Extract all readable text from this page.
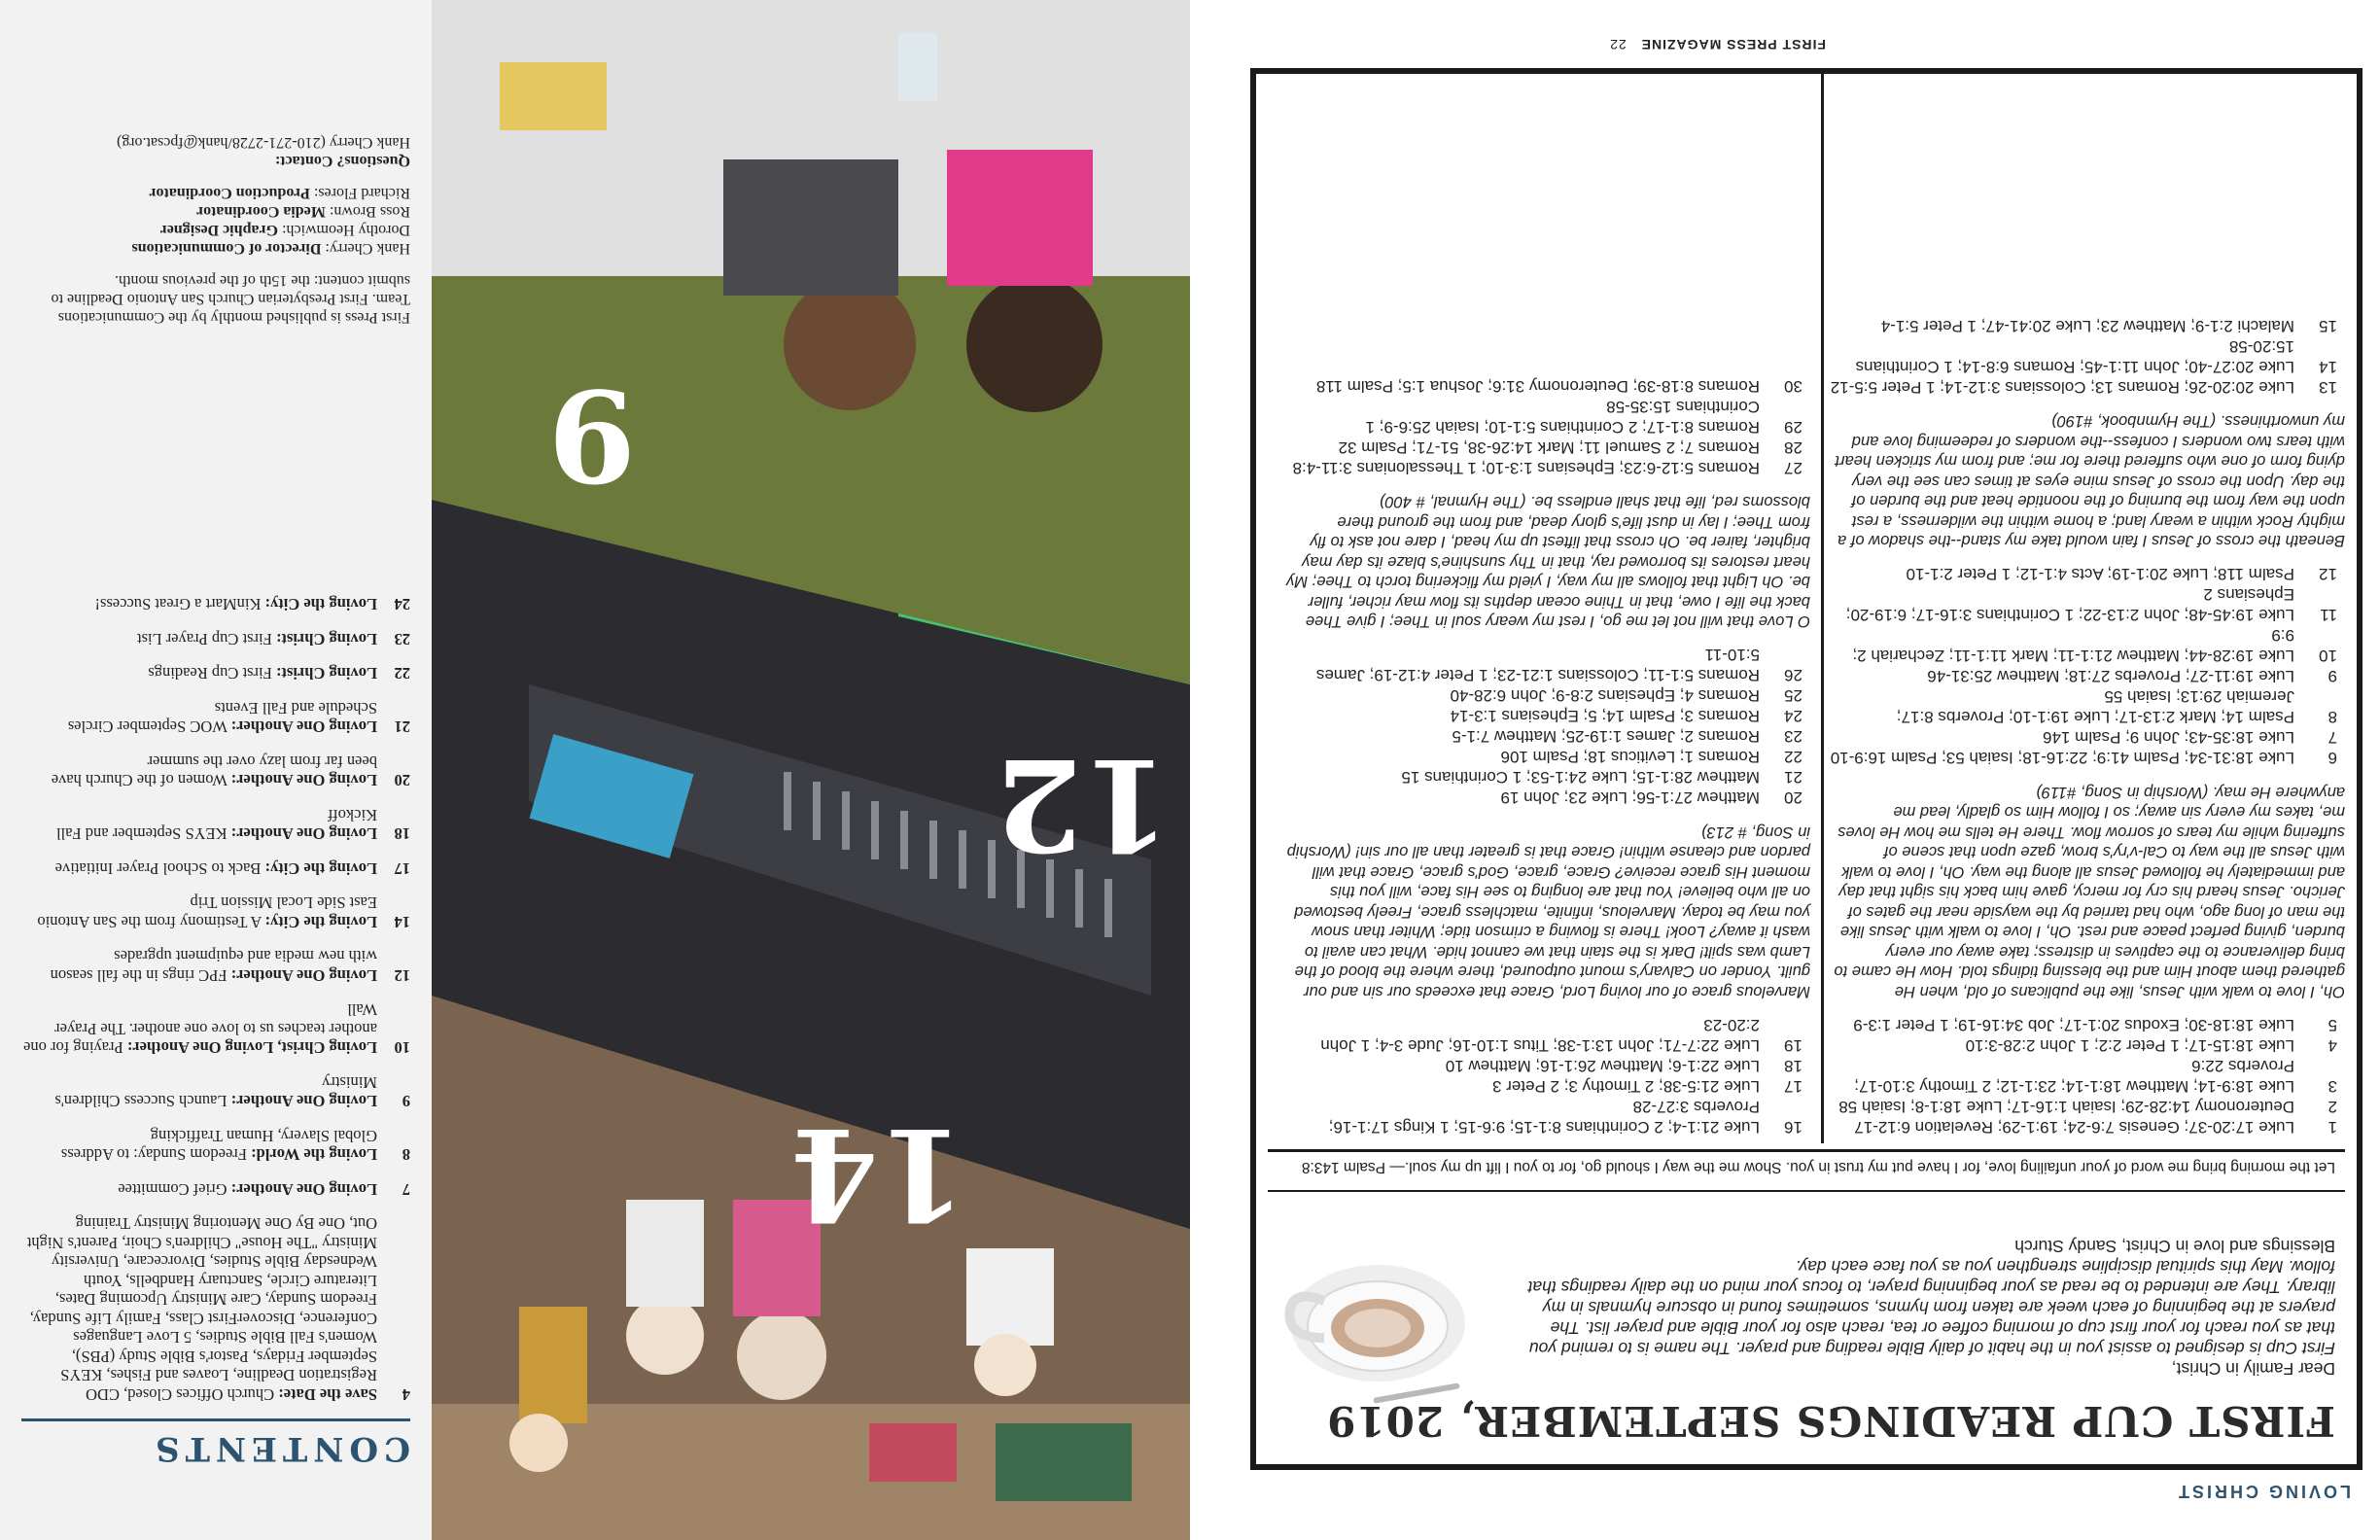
LOVING CHRIST
FIRST CUP READINGS SEPTEMBER, 2019

Dear Family in Christ,

First Cup is designed to assist you in the habit of daily Bible reading and prayer. The name is to remind you that as you reach for your first cup of morning coffee or tea, reach also for your Bible and prayer list. The prayers at the beginning of each week are taken from hymns, sometimes found in obscure hymnals in my library. They are intended to be read as your beginning prayer, to focus your mind on the daily readings that follow. May this spiritual discipline strengthen you as you face each day.

Blessings and love in Christ, Sandy Sturch

Let the morning bring me word of your unfailing love, for I have put my trust in you. Show me the way I should go, for to you I lift up my soul.— Psalm 143:8
1
Luke 17:20-37; Genesis 7:6-24; 19:1-29; Revelation 6:12-17
2
Deuteronomy 14:28-29; Isaiah 1:16-17; Luke 18:1-8; Isaiah 58
3
Luke 18:9-14; Matthew 18:1-14; 23:1-12; 2 Timothy 3:10-17; Proverbs 22:6
4
Luke 18:15-17; 1 Peter 2:2; 1 John 2:28-3:10
5
Luke 18:18-30; Exodus 20:1-17; Job 34:16-19; 1 Peter 1:3-9
Oh, I love to walk with Jesus, like the publicans of old, when He gathered them about Him and the blessing tidings told. How He came to bring deliverance to the captives in distress; take away our every burden, giving perfect peace and rest. Oh, I love to walk with Jesus like the man of long ago, who had tarried by the wayside near the gates of Jericho. Jesus heard his cry for mercy, gave him back his sight that day and immediately he followed Jesus all along the way. Oh, I love to walk with Jesus all the way to Cal-v'ry's brow, gaze upon that scene of suffering while my tears of sorrow flow. There He tells me how He loves me, takes my every sin away; so I follow Him so gladly, lead me anywhere He may. (Worship in Song, #119)
6
Luke 18:31-34; Psalm 41:9; 22:16-18; Isaiah 53; Psalm 16:9-10
7
Luke 18:35-43; John 9; Psalm 146
8
Psalm 14; Mark 2:13-17; Luke 19:1-10; Proverbs 8:17; Jeremiah 29:13; Isaiah 55
9
Luke 19:11-27; Proverbs 27:18; Matthew 25:31-46
10
Luke 19:28-44; Matthew 21:1-11; Mark 11:1-11; Zechariah 2; 9:9
11
Luke 19:45-48; John 2:13-22; 1 Corinthians 3:16-17; 6:19-20; Ephesians 2
12
Psalm 118; Luke 20:1-19; Acts 4:1-12; 1 Peter 2:1-10
Beneath the cross of Jesus I fain would take my stand--the shadow of a mighty Rock within a weary land; a home within the wilderness, a rest upon the way from the burning of the noontide heat and the burden of the day. Upon the cross of Jesus mine eyes at times can see the very dying form of one who suffered there for me; and from my stricken heart with tears two wonders I confess--the wonders of redeeming love and my unworthiness. (The Hymnbook, #190)
13
Luke 20:20-26; Romans 13; Colossians 3:12-14; 1 Peter 5:5-12
14
Luke 20:27-40; John 11:1-45; Romans 6:8-14; 1 Corinthians 15:20-58
15
Malachi 2:1-9; Matthew 23; Luke 20:41-47; 1 Peter 5:1-4
16
Luke 21:1-4; 2 Corinthians 8:1-15; 9:6-15; 1 Kings 17:1-16; Proverbs 3:27-28
17
Luke 21:5-38; 2 Timothy 3; 2 Peter 3
18
Luke 22:1-6; Matthew 26:1-16; Matthew 10
19
Luke 22:7-71; John 13:1-38; Titus 1:10-16; Jude 3-4; 1 John 2:20-23
Marvelous grace of our loving Lord, Grace that exceeds our sin and our guilt. Yonder on Calvary's mount outpoured, there where the blood of the Lamb was spilt! Dark is the stain that we cannot hide. What can avail to wash it away? Look! There is flowing a crimson tide; Whiter than snow you may be today. Marvelous, infinite, matchless grace, Freely bestowed on all who believe! You that are longing to see His face, will you this moment His grace receive? Grace, grace, God's grace, Grace that will pardon and cleanse within! Grace that is greater than all our sin! (Worship in Song, # 213)
20
Matthew 27:1-56; Luke 23; John 19
21
Matthew 28:1-15; Luke 24:1-53; 1 Corinthians 15
22
Romans 1; Leviticus 18; Psalm 106
23
Romans 2; James 1:19-25; Matthew 7:1-5
24
Romans 3; Psalm 14; 5; Ephesians 1:3-14
25
Romans 4; Ephesians 2:8-9; John 6:28-40
26
Romans 5:1-11; Colossians 1:21-23; 1 Peter 4:12-19; James 5:10-11
O Love that will not let me go, I rest my weary soul in Thee; I give Thee back the life I owe, that in Thine ocean depths its flow may richer, fuller be. Oh Light that follows all my way, I yield my flickering torch to Thee; My heart restores its borrowed ray, that in Thy sunshine's blaze its day may brighter, fairer be. Oh cross that liftest up my head, I dare not ask to fly from Thee; I lay in dust life's glory dead, and from the ground there blossoms red, life that shall endless be. (The Hymnal, # 400)
27
Romans 5:12-6:23; Ephesians 1:3-10; 1 Thessalonians 3:11-4:8
28
Romans 7; 2 Samuel 11; Mark 14:26-38, 51-71; Psalm 32
29
Romans 8:1-17; 2 Corinthians 5:1-10; Isaiah 25:6-9; 1 Corinthians 15:35-58
30
Romans 8:18-39; Deuteronomy 31:6; Joshua 1:5; Psalm 118
FIRST PRESS MAGAZINE 22
9
12
14
CONTENTS
4
Save the Date: Church Offices Closed, CDO Registration Deadline, Loaves and Fishes, KEYS September Fridays, Pastor's Bible Study (PBS), Women's Fall Bible Studies, 5 Love Languages Conference, DiscoverFirst Class, Family Life Sunday, Freedom Sunday, Care Ministry Upcoming Dates, Literature Circle, Sanctuary Handbells, Youth Wednesday Bible Studies, Divorcecare, University Ministry "The House" Children's Choir, Parent's Night Out, One By One Mentoring Ministry Training
7
Loving One Another: Grief Committee
8
Loving the World: Freedom Sunday: to Address Global Slavery, Human Trafficking
9
Loving One Another: Launch Success Children's Ministry
10
Loving Christ, Loving One Another: Praying for one another teaches us to love one another. The Prayer Wall
12
Loving One Another: FPC rings in the fall season with new media and equipment upgrades
14
Loving the City: A Testimony from the San Antonio East Side Local Mission Trip
17
Loving the City: Back to School Prayer Initiative
18
Loving One Another: KEYS September and Fall Kickoff
20
Loving One Another: Women of the Church have been far from lazy over the summer
21
Loving One Another: WOC September Circles Schedule and Fall Events
22
Loving Christ: First Cup Readings
23
Loving Christ: First Cup Prayer List
24
Loving the City: KinMart a Great Success!

First Press is published monthly by the Communications Team. First Presbyterian Church San Antonio Deadline to submit content: the 15th of the previous month.

Hank Cherry: Director of Communications
Dorothy Heomwich: Graphic Designer
Ross Brown: Media Coordinator
Richard Flores: Production Coordinator

Questions? Contact:
Hank Cherry (210-271-2728/hank@fpcsat.org)
